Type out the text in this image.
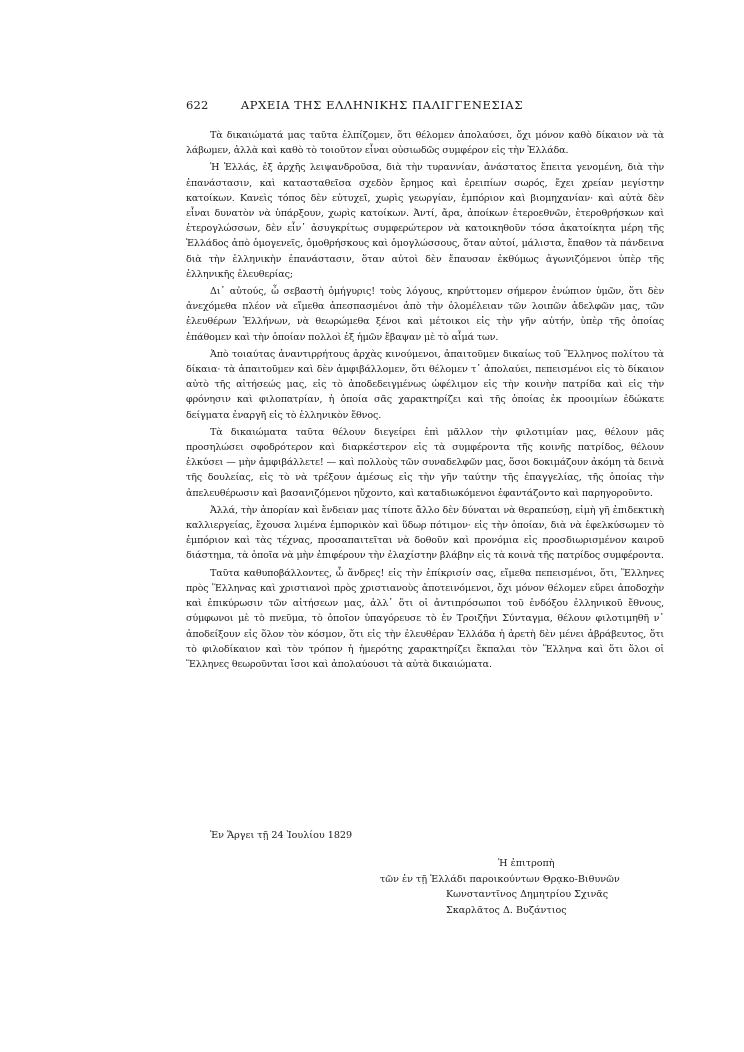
622	ΑΡΧΕΙΑ ΤΗΣ ΕΛΛΗΝΙΚΗΣ ΠΑΛΙΓΓΕΝΕΣΙΑΣ

Τὰ δικαιώματά μας ταῦτα ἐλπίζομεν, ὅτι θέλομεν ἀπολαύσει, ὄχι μόνον καθὸ δίκαιον νὰ τὰ λάβωμεν, ἀλλὰ καὶ καθὸ τὸ τοιοῦτον εἶναι οὐσιωδῶς συμφέρον εἰς τὴν Ἑλλάδα.

Ἡ Ἑλλάς, ἐξ ἀρχῆς λειψανδροῦσα, διὰ τὴν τυραννίαν, ἀνάστατος ἔπειτα γενομένη, διὰ τὴν ἐπανάστασιν, καὶ κατασταθεῖσα σχεδὸν ἔρημος καὶ ἐρειπίων σωρός, ἔχει χρείαν μεγίστην κατοίκων. Κανεὶς τόπος δὲν εὐτυχεῖ, χωρὶς γεωργίαν, ἐμπόριον καὶ βιομηχανίαν· καὶ αὐτὰ δὲν εἶναι δυνατὸν νὰ ὑπάρξουν, χωρὶς κατοίκων. Ἀντί, ἄρα, ἀποίκων ἑτεροεθνῶν, ἑτεροθρήσκων καὶ ἑτερογλώσσων, δὲν εἶν᾽ ἀσυγκρίτως συμφερώτερον νὰ κατοικηθοῦν τόσα ἀκατοίκητα μέρη τῆς Ἑλλάδος ἀπὸ ὁμογενεῖς, ὁμοθρήσκους καὶ ὁμογλώσσους, ὅταν αὐτοί, μάλιστα, ἔπαθον τὰ πάνδεινα διὰ τὴν ἑλληνικὴν ἐπανάστασιν, ὅταν αὐτοὶ δὲν ἔπαυσαν ἐκθύμως ἀγωνιζόμενοι ὑπὲρ τῆς ἑλληνικῆς ἐλευθερίας;

Δι᾽ αὐτούς, ὦ σεβαστὴ ὁμήγυρις! τοὺς λόγους, κηρύττομεν σήμερον ἐνώπιον ὑμῶν, ὅτι δὲν ἀνεχόμεθα πλέον νὰ εἴμεθα ἀπεσπασμένοι ἀπὸ τὴν ὁλομέλειαν τῶν λοιπῶν ἀδελφῶν μας, τῶν ἐλευθέρων Ἑλλήνων, νὰ θεωρώμεθα ξένοι καὶ μέτοικοι εἰς τὴν γῆν αὐτήν, ὑπὲρ τῆς ὁποίας ἐπάθομεν καὶ τὴν ὁποίαν πολλοὶ ἐξ ἡμῶν ἔβαψαν μὲ τὸ αἷμά των.

Ἀπὸ τοιαύτας ἀναντιρρήτους ἀρχὰς κινούμενοι, ἀπαιτοῦμεν δικαίως τοῦ Ἕλληνος πολίτου τὰ δίκαια· τὰ ἀπαιτοῦμεν καὶ δὲν ἀμφιβάλλομεν, ὅτι θέλομεν τ᾽ ἀπολαύει, πεπεισμένοι εἰς τὸ δίκαιον αὐτὸ τῆς αἰτήσεώς μας, εἰς τὸ ἀποδεδειγμένως ὠφέλιμον εἰς τὴν κοινὴν πατρίδα καὶ εἰς τὴν φρόνησιν καὶ φιλοπατρίαν, ἡ ὁποία σᾶς χαρακτηρίζει καὶ τῆς ὁποίας ἐκ προοιμίων ἐδώκατε δείγματα ἐναργῆ εἰς τὸ ἑλληνικὸν ἔθνος.

Τὰ δικαιώματα ταῦτα θέλουν διεγείρει ἐπὶ μᾶλλον τὴν φιλοτιμίαν μας, θέλουν μᾶς προσηλώσει σφοδρότερον καὶ διαρκέστερον εἰς τὰ συμφέροντα τῆς κοινῆς πατρίδος, θέλουν ἑλκύσει — μὴν ἀμφιβάλλετε! — καὶ πολλοὺς τῶν συναδελφῶν μας, ὅσοι δοκιμάζουν ἀκόμη τὰ δεινὰ τῆς δουλείας, εἰς τὸ νὰ τρέξουν ἀμέσως εἰς τὴν γῆν ταύτην τῆς ἐπαγγελίας, τῆς ὁποίας τὴν ἀπελευθέρωσιν καὶ βασανιζόμενοι ηὔχοντο, καὶ καταδιωκόμενοι ἐφαντάζοντο καὶ παρηγοροῦντο.

Ἀλλά, τὴν ἀπορίαν καὶ ἔνδειαν μας τίποτε ἄλλο δὲν δύναται νὰ θεραπεύσῃ, εἰμὴ γῆ ἐπιδεκτικὴ καλλιεργείας, ἔχουσα λιμένα ἐμπορικὸν καὶ ὕδωρ πότιμον· εἰς τὴν ὁποίαν, διὰ νὰ ἐφελκύσωμεν τὸ ἐμπόριον καὶ τὰς τέχνας, προσαπαιτεῖται νὰ δοθοῦν καὶ προνόμια εἰς προσδιωρισμένον καιροῦ διάστημα, τὰ ὁποῖα νὰ μὴν ἐπιφέρουν τὴν ἐλαχίστην βλάβην εἰς τὰ κοινὰ τῆς πατρίδος συμφέροντα.

Ταῦτα καθυποβάλλοντες, ὦ ἄνδρες! εἰς τὴν ἐπίκρισίν σας, εἴμεθα πεπεισμένοι, ὅτι, Ἕλληνες πρὸς Ἕλληνας καὶ χριστιανοὶ πρὸς χριστιανοὺς ἀποτεινόμενοι, ὄχι μόνον θέλομεν εὕρει ἀποδοχὴν καὶ ἐπικύρωσιν τῶν αἰτήσεων μας, ἀλλ᾽ ὅτι οἱ ἀντιπρόσωποι τοῦ ἐνδόξου ἑλληνικοῦ ἔθνους, σύμφωνοι μὲ τὸ πνεῦμα, τὸ ὁποῖον ὑπαγόρευσε τὸ ἐν Τροιζῆνι Σύνταγμα, θέλουν φιλοτιμηθῆ ν᾽ ἀποδείξουν εἰς ὅλον τὸν κόσμον, ὅτι εἰς τὴν ἐλευθέραν Ἑλλάδα ἡ ἀρετὴ δὲν μένει ἀβράβευτος, ὅτι τὸ φιλοδίκαιον καὶ τὸν τρόπον ἡ ἡμερότης χαρακτηρίζει ἔκπαλαι τὸν Ἕλληνα καὶ ὅτι ὅλοι οἱ Ἕλληνες θεωροῦνται ἴσοι καὶ ἀπολαύουσι τὰ αὐτὰ δικαιώματα.

Ἐν Ἄργει τῇ 24 Ἰουλίου 1829
Ἡ ἐπιτροπὴ
τῶν ἐν τῇ Ἑλλάδι παροικούντων Θρᾳκο-Βιθυνῶν
Κωνσταντῖνος Δημητρίου Σχινᾶς
Σκαρλᾶτος Δ. Βυζάντιος
